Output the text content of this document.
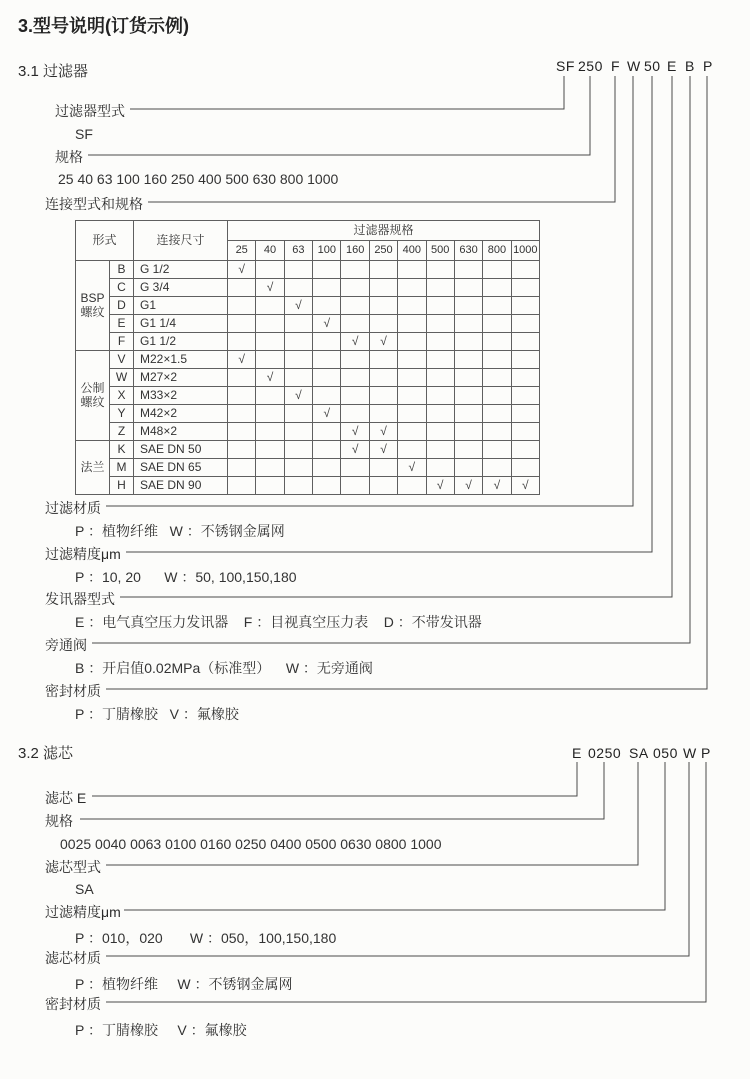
3.型号说明(订货示例)
3.1 过滤器	SF 250 F W 50 E B P
过滤器型式
SF
规格
25 40 63 100 160 250 400 500 630 800 1000
连接型式和规格
形式		连接尺寸	过滤器规格										
			25	40	63	100	160	250	400	500	630	800	1000
BSP螺纹	B	G 1/2	√										
	C	G 3/4		√									
	D	G1			√								
	E	G1 1/4				√							
	F	G1 1/2					√	√					
公制螺纹	V	M22×1.5	√										
	W	M27×2		√									
	X	M33×2			√								
	Y	M42×2				√							
	Z	M48×2					√	√					
法兰	K	SAE DN 50					√	√					
	M	SAE DN 65							√				
	H	SAE DN 90								√	√	√	√
过滤材质
P ：植物纤维   W ：不锈钢金属网
过滤精度μm
P ：10, 20      W ：50, 100,150,180
发讯器型式
E ：电气真空压力发讯器    F ：目视真空压力表    D ：不带发讯器
旁通阀
B ：开启值0.02MPa（标准型）    W ：无旁通阀
密封材质
P ：丁腈橡胶   V ：氟橡胶
3.2 滤芯	E 0250 SA 050 W P
滤芯 E
规格
0025 0040 0063 0100 0160 0250 0400 0500 0630 0800 1000
滤芯型式
SA
过滤精度μm
P ：010，020       W ：050，100,150,180
滤芯材质
P ：植物纤维     W ：不锈钢金属网
密封材质
P ：丁腈橡胶     V ：氟橡胶
